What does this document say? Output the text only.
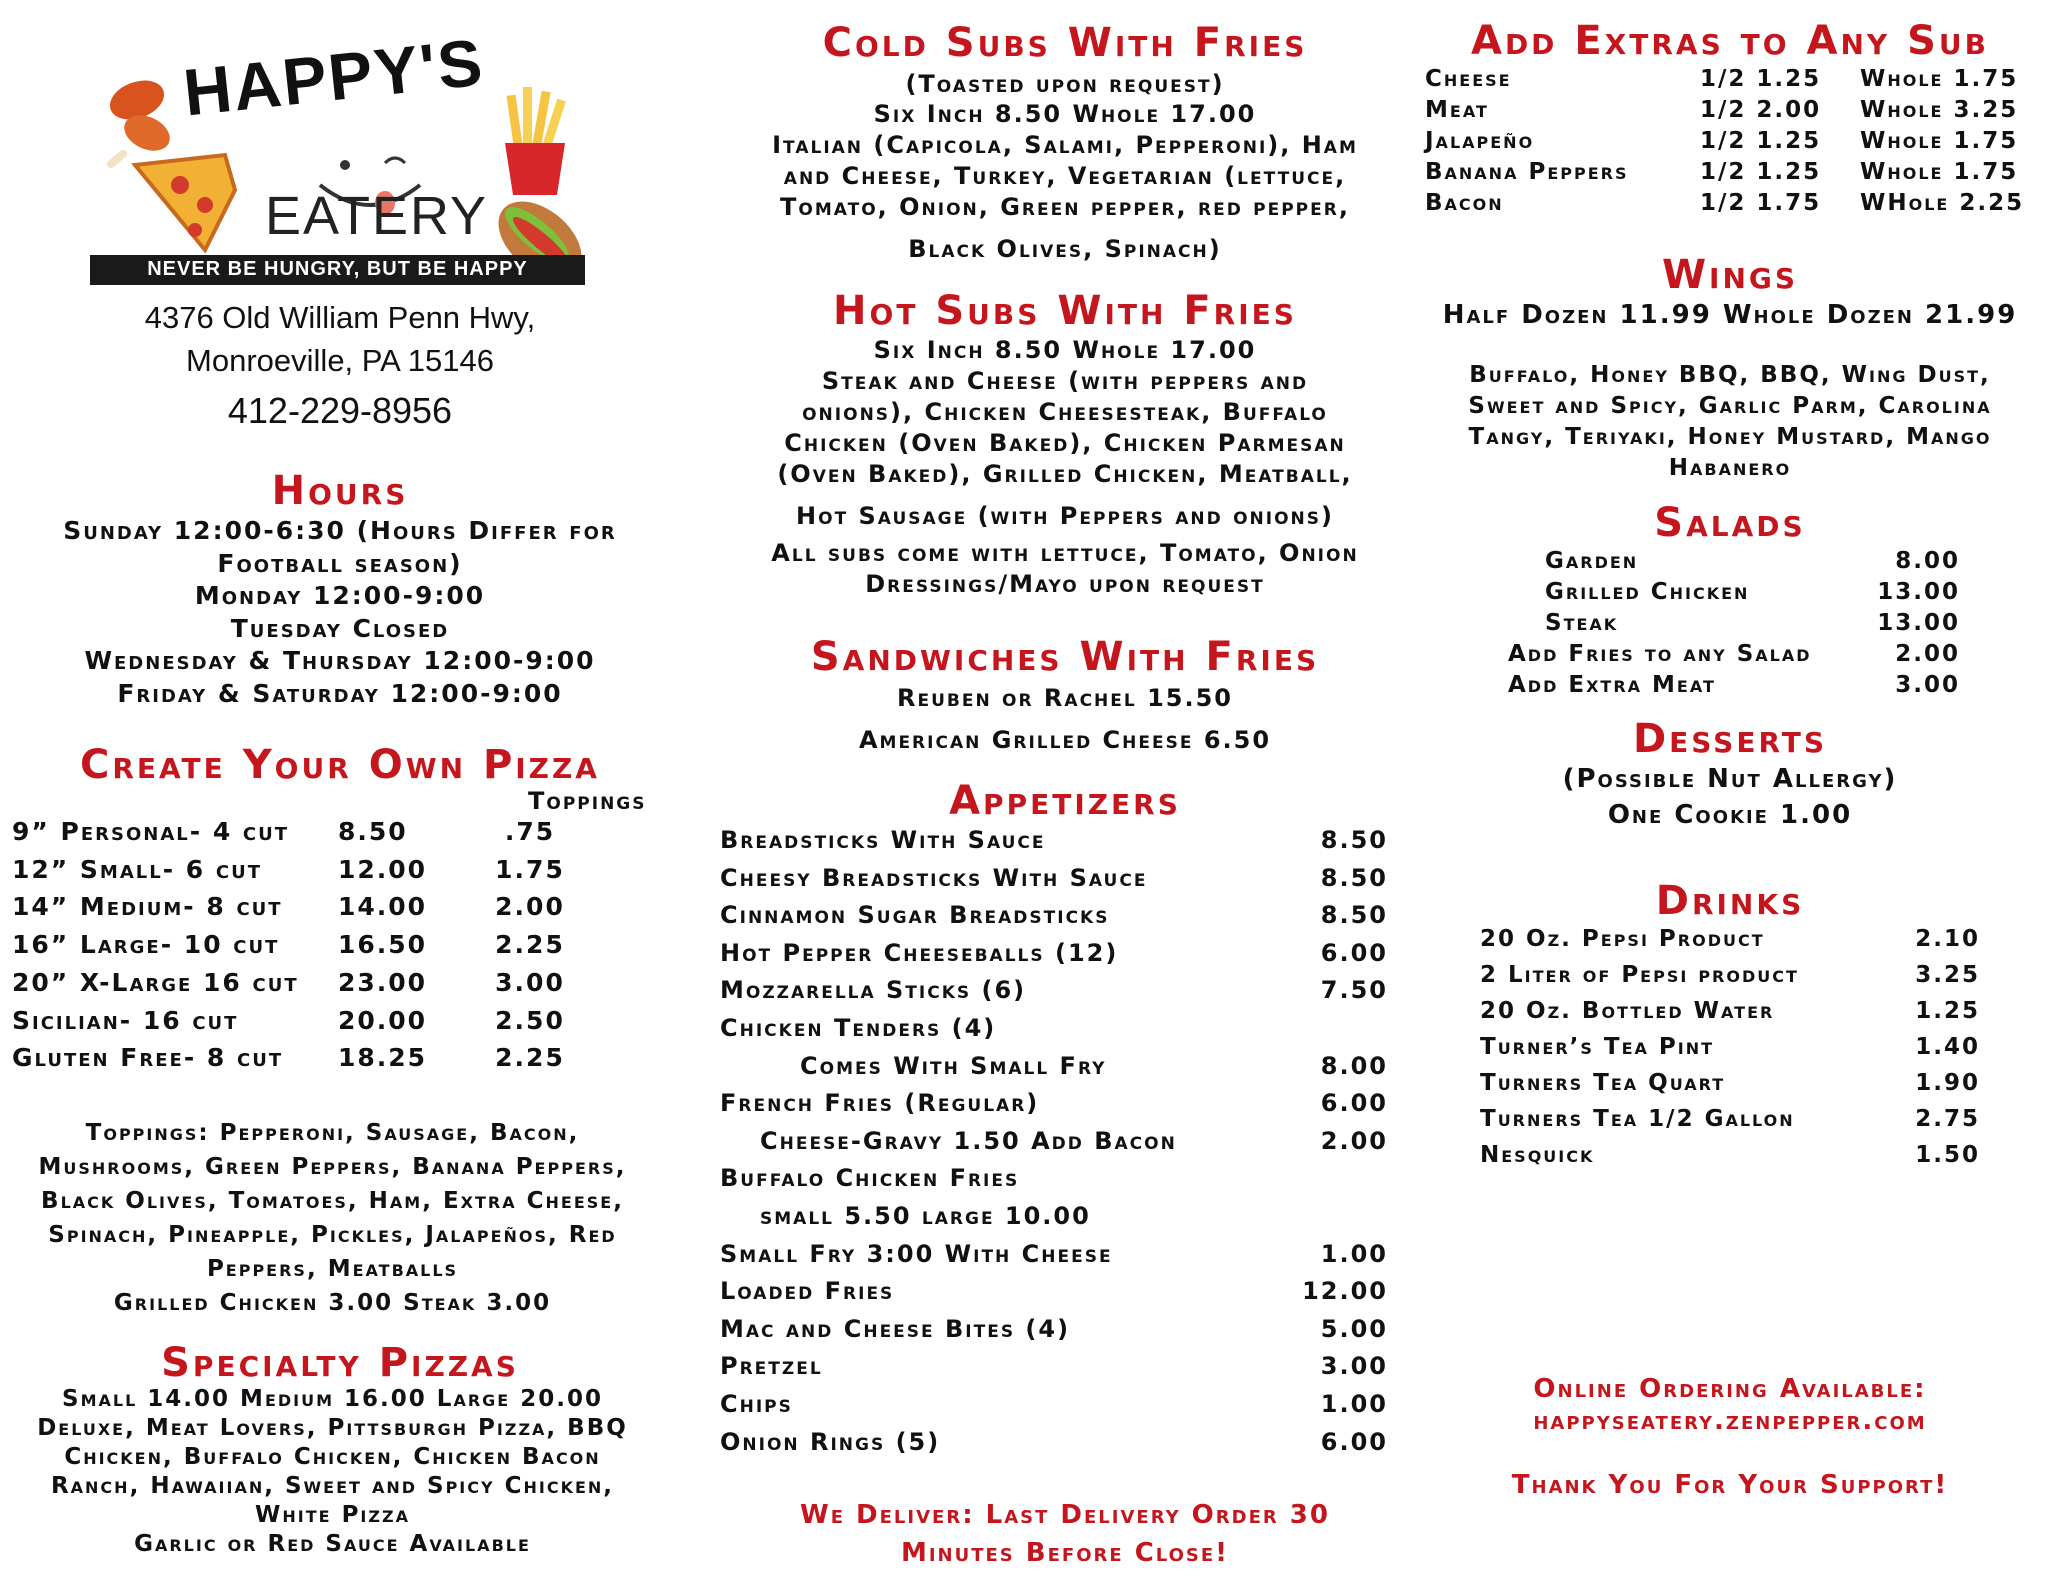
HAPPY'S
EATERY
NEVER BE HUNGRY, BUT BE HAPPY
4376 Old William Penn Hwy,
Monroeville, PA 15146
412-229-8956
Hours
Sunday 12:00-6:30 (Hours Differ for
Football season)
Monday 12:00-9:00
Tuesday Closed
Wednesday & Thursday 12:00-9:00
Friday & Saturday 12:00-9:00
Create Your Own Pizza
Toppings
9” Personal- 4 cut 8.50	.75
12” Small- 6 cut	12.00	1.75
14” Medium- 8 cut 14.00	2.00
16” Large- 10 cut 16.50	2.25
20” X-Large 16 cut 23.00	3.00
Sicilian- 16 cut	20.00	2.50
Gluten Free- 8 cut 18.25	2.25
Toppings: Pepperoni, Sausage, Bacon,
Mushrooms, Green Peppers, Banana Peppers,
Black Olives, Tomatoes, Ham, Extra Cheese,
Spinach, Pineapple, Pickles, Jalapeños, Red
Peppers, Meatballs
Grilled Chicken 3.00 Steak 3.00
Specialty Pizzas
Small 14.00 Medium 16.00 Large 20.00
Deluxe, Meat Lovers, Pittsburgh Pizza, BBQ
Chicken, Buffalo Chicken, Chicken Bacon
Ranch, Hawaiian, Sweet and Spicy Chicken,
White Pizza
Garlic or Red Sauce Available
Cold Subs With Fries
(Toasted upon request)
Six Inch 8.50 Whole 17.00
Italian (Capicola, Salami, Pepperoni), Ham
and Cheese, Turkey, Vegetarian (lettuce,
Tomato, Onion, Green pepper, red pepper,
Black Olives, Spinach)
Hot Subs With Fries
Six Inch 8.50 Whole 17.00
Steak and Cheese (with peppers and
onions), Chicken Cheesesteak, Buffalo
Chicken (Oven Baked), Chicken Parmesan
(Oven Baked), Grilled Chicken, Meatball,
Hot Sausage (with Peppers and onions)
All subs come with lettuce, Tomato, Onion
Dressings/Mayo upon request
Sandwiches With Fries
Reuben or Rachel 15.50
American Grilled Cheese 6.50
Appetizers
Breadsticks With Sauce	8.50
Cheesy Breadsticks With Sauce	8.50
Cinnamon Sugar Breadsticks	8.50
Hot Pepper Cheeseballs (12)	6.00
Mozzarella Sticks (6)	7.50
Chicken Tenders (4)
Comes With Small Fry	8.00
French Fries (Regular)	6.00
Cheese-Gravy 1.50 Add Bacon	2.00
Buffalo Chicken Fries
small 5.50 large 10.00
Small Fry 3:00 With Cheese	1.00
Loaded Fries	12.00
Mac and Cheese Bites (4)	5.00
Pretzel	3.00
Chips	1.00
Onion Rings (5)	6.00
We Deliver: Last Delivery Order 30
Minutes Before Close!
Add Extras to Any Sub
Cheese	1/2 1.25 Whole 1.75
Meat	1/2 2.00 Whole 3.25
Jalapeño	1/2 1.25 Whole 1.75
Banana Peppers	1/2 1.25 Whole 1.75
Bacon	1/2 1.75 WHole 2.25
Wings
Half Dozen 11.99 Whole Dozen 21.99
Buffalo, Honey BBQ, BBQ, Wing Dust,
Sweet and Spicy, Garlic Parm, Carolina
Tangy, Teriyaki, Honey Mustard, Mango
Habanero
Salads
Garden	8.00
Grilled Chicken	13.00
Steak	13.00
Add Fries to any Salad	2.00
Add Extra Meat	3.00
Desserts
(Possible Nut Allergy)
One Cookie 1.00
Drinks
20 Oz. Pepsi Product	2.10
2 Liter of Pepsi product	3.25
20 Oz. Bottled Water	1.25
Turner’s Tea Pint	1.40
Turners Tea Quart	1.90
Turners Tea 1/2 Gallon	2.75
Nesquick	1.50
Online Ordering Available:
happyseatery.zenpepper.com
Thank You For Your Support!
